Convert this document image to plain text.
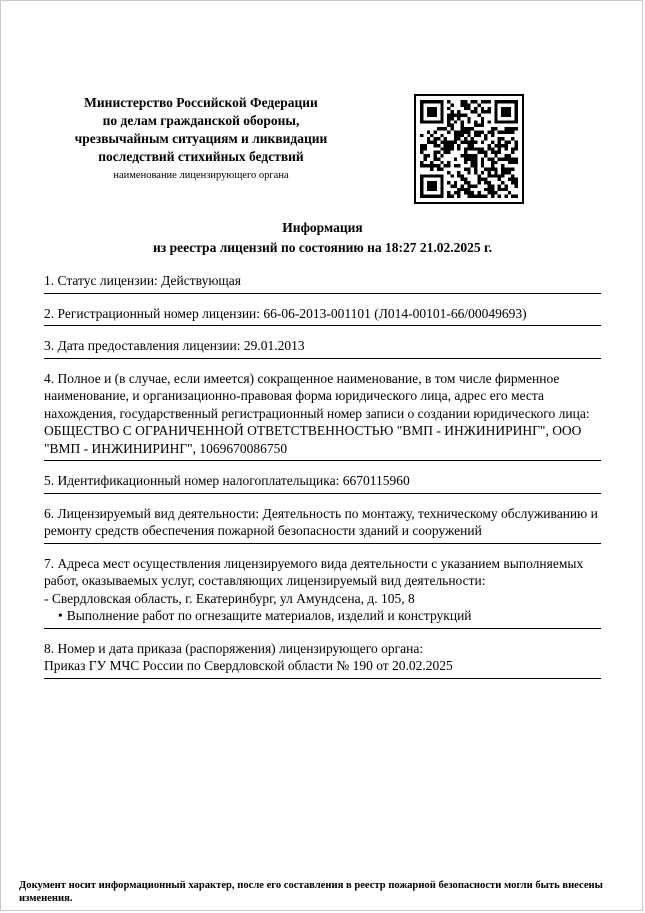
Министерство Российской Федерации
по делам гражданской обороны,
чрезвычайным ситуациям и ликвидации
последствий стихийных бедствий
наименование лицензирующего органа
Информация
из реестра лицензий по состоянию на 18:27 21.02.2025 г.
1. Статус лицензии: Действующая
2. Регистрационный номер лицензии: 66-06-2013-001101 (Л014-00101-66/00049693)
3. Дата предоставления лицензии: 29.01.2013
4. Полное и (в случае, если имеется) сокращенное наименование, в том числе фирменное наименование, и организационно-правовая форма юридического лица, адрес его места нахождения, государственный регистрационный номер записи о создании юридического лица: ОБЩЕСТВО С ОГРАНИЧЕННОЙ ОТВЕТСТВЕННОСТЬЮ "ВМП - ИНЖИНИРИНГ", ООО "ВМП - ИНЖИНИРИНГ", 1069670086750
5. Идентификационный номер налогоплательщика: 6670115960
6. Лицензируемый вид деятельности: Деятельность по монтажу, техническому обслуживанию и ремонту средств обеспечения пожарной безопасности зданий и сооружений
7. Адреса мест осуществления лицензируемого вида деятельности с указанием выполняемых работ, оказываемых услуг, составляющих лицензируемый вид деятельности:
- Свердловская область, г. Екатеринбург, ул Амундсена, д. 105, 8
• Выполнение работ по огнезащите материалов, изделий и конструкций
8. Номер и дата приказа (распоряжения) лицензирующего органа:
Приказ ГУ МЧС России по Свердловской области № 190 от 20.02.2025
Документ носит информационный характер, после его составления в реестр пожарной безопасности могли быть внесены изменения.
